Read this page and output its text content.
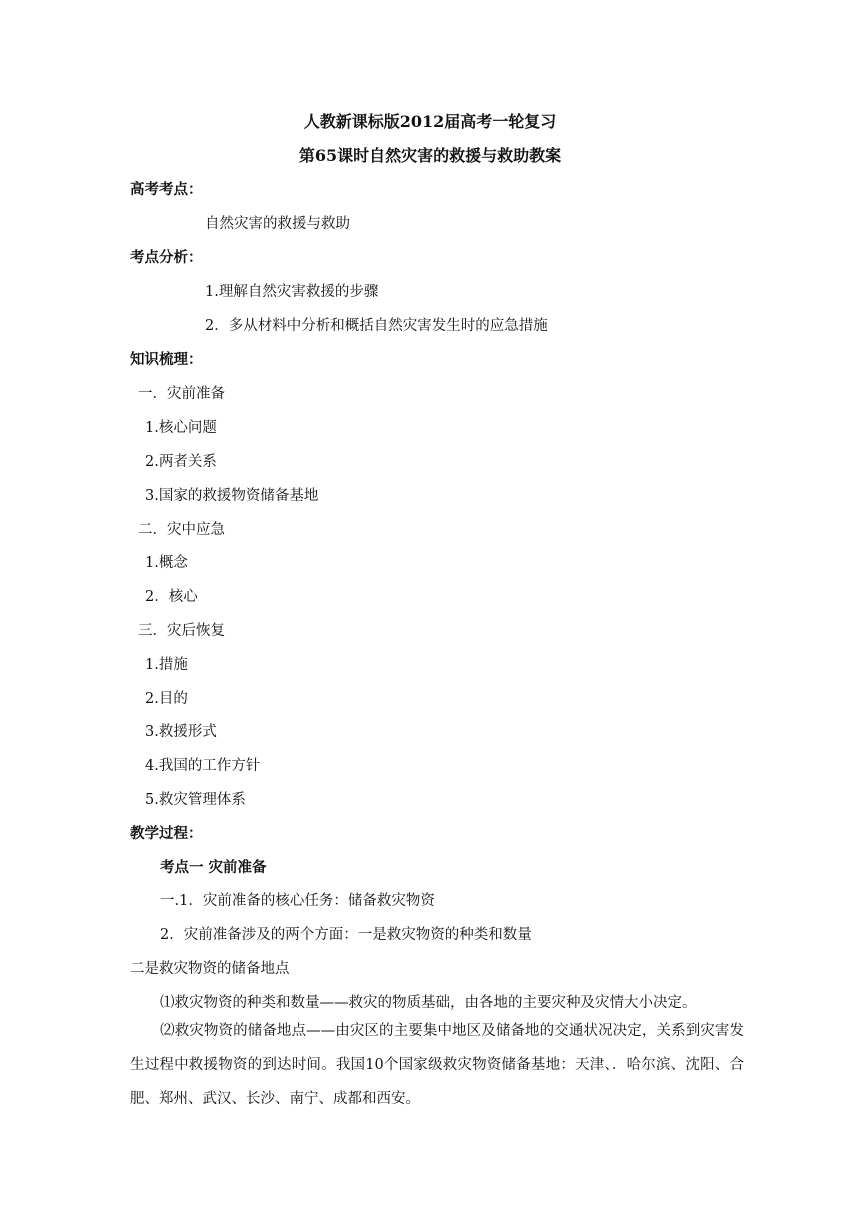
人教新课标版2012届高考一轮复习
第65课时自然灾害的救援与救助教案
高考考点：
自然灾害的救援与救助
考点分析：
1.理解自然灾害救援的步骤
2．多从材料中分析和概括自然灾害发生时的应急措施
知识梳理：
一．灾前准备
1.核心问题
2.两者关系
3.国家的救援物资储备基地
二．灾中应急
1.概念
2．核心
三．灾后恢复
1.措施
2.目的
3.救援形式
4.我国的工作方针
5.救灾管理体系
教学过程：
考点一 灾前准备
一.1．灾前准备的核心任务：储备救灾物资
2．灾前准备涉及的两个方面：一是救灾物资的种类和数量
二是救灾物资的储备地点
⑴救灾物资的种类和数量——救灾的物质基础，由各地的主要灾种及灾情大小决定。
⑵救灾物资的储备地点——由灾区的主要集中地区及储备地的交通状况决定，关系到灾害发生过程中救援物资的到达时间。我国10个国家级救灾物资储备基地：天津、．哈尔滨、沈阳、合肥、郑州、武汉、长沙、南宁、成都和西安。
